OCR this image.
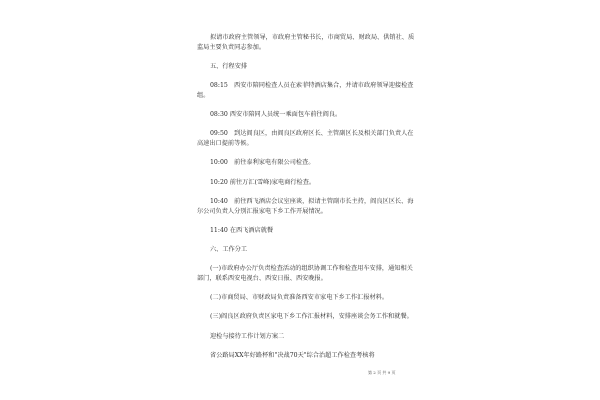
拟请市政府主管领导，市政府主管秘书长，市商贸局、财政局、供销社、质监局主要负责同志参加。

五、行程安排

08:15　西安市陪同检查人员在索菲特酒店集合，并请市政府领导迎接检查组。

08:30 西安市陪同人员统一乘面包车前往阎良。

09:50　到达阎良区，由阎良区政府区长、主管副区长及相关部门负责人在高速出口提前等候。

10:00　前往泰利家电有限公司检查。

10:20 前往万汇(雪峰)家电商行检查。

10:40　前往西飞酒店会议室座谈，拟请主管副市长主持，阎良区区长、海尔公司负责人分别汇报家电下乡工作开展情况。

11:40 在西飞酒店就餐

六、工作分工

(一)市政府办公厅负责检查活动的组织协调工作和检查用车安排，通知相关部门，联系西安电视台、西安日报、西安晚报。

(二)市商贸局、市财政局负责准备西安市家电下乡工作汇报材料。

(三)阎良区政府负责区家电下乡工作汇报材料，安排座谈会务工作和就餐。

迎检与接待工作计划方案二

省公路局XX年好路杯和"决战70天"综合治超工作检查考核将

第 2 页 共 9 页
